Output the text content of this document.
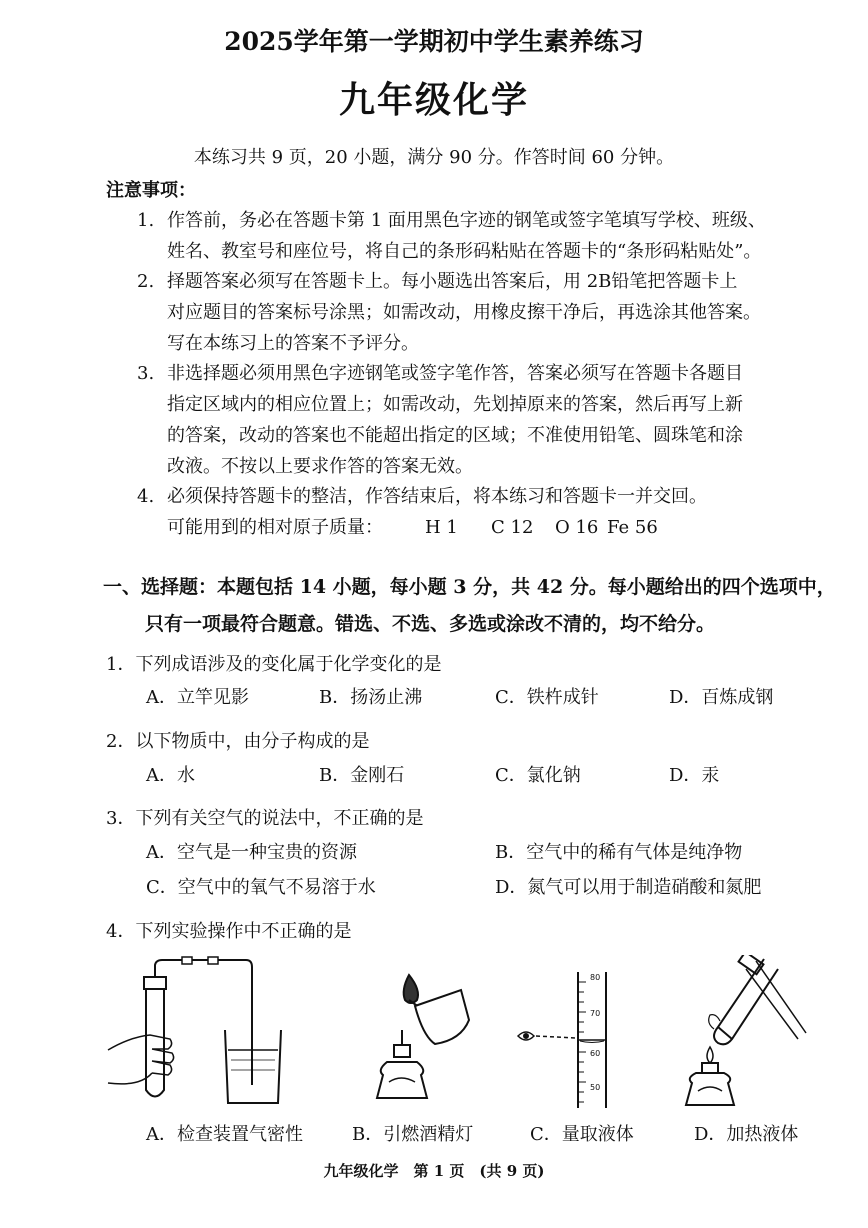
2025学年第一学期初中学生素养练习
九年级化学
本练习共 9 页，20 小题，满分 90 分。作答时间 60 分钟。
注意事项：
1. 作答前，务必在答题卡第 1 面用黑色字迹的钢笔或签字笔填写学校、班级、
姓名、教室号和座位号，将自己的条形码粘贴在答题卡的“条形码粘贴处”。
2. 择题答案必须写在答题卡上。每小题选出答案后，用 2B铅笔把答题卡上
对应题目的答案标号涂黑；如需改动，用橡皮擦干净后，再选涂其他答案。
写在本练习上的答案不予评分。
3. 非选择题必须用黑色字迹钢笔或签字笔作答，答案必须写在答题卡各题目
指定区域内的相应位置上；如需改动，先划掉原来的答案，然后再写上新
的答案，改动的答案也不能超出指定的区域；不准使用铅笔、圆珠笔和涂
改液。不按以上要求作答的答案无效。
4. 必须保持答题卡的整洁，作答结束后，将本练习和答题卡一并交回。
可能用到的相对原子质量： H 1 C 12 O 16 Fe 56
一、选择题：本题包括 14 小题，每小题 3 分，共 42 分。每小题给出的四个选项中，
只有一项最符合题意。错选、不选、多选或涂改不清的，均不给分。
1．下列成语涉及的变化属于化学变化的是
A．立竿见影	B．扬汤止沸	C．铁杵成针	D．百炼成钢
2．以下物质中，由分子构成的是
A．水	B．金刚石	C．氯化钠	D．汞
3．下列有关空气的说法中，不正确的是
A．空气是一种宝贵的资源	B．空气中的稀有气体是纯净物
C．空气中的氧气不易溶于水	D．氮气可以用于制造硝酸和氮肥
4．下列实验操作中不正确的是
80
70
60
50
A．检查装置气密性	B．引燃酒精灯	C．量取液体	D．加热液体
九年级化学　第 1 页　(共 9 页)
